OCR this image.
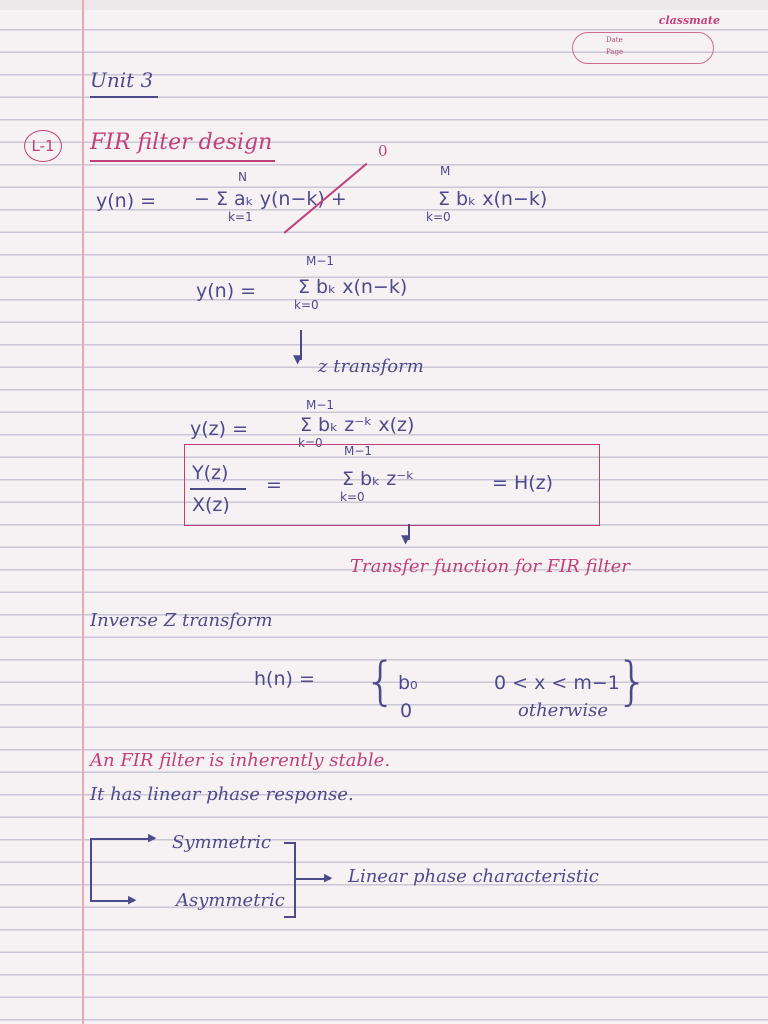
classmate
Date
Page
Unit 3
L-1	FIR filter design
y(n) =
N
− Σ aₖ y(n−k) +
k=1
0
M
Σ bₖ x(n−k)
k=0
y(n) =
M−1
Σ bₖ x(n−k)
k=0
▼ z transform
y(z) =
M−1
Σ bₖ z⁻ᵏ x(z)
k=0
Y(z)
X(z)
=
M−1
Σ bₖ z⁻ᵏ
k=0
= H(z)
▼
Transfer function for FIR filter
Inverse Z transform
h(n) = { b₀	0 < x < m−1
0	otherwise }
An FIR filter is inherently stable.
It has linear phase response.
▶
▶
Symmetric
Asymmetric
▶ Linear phase characteristic
